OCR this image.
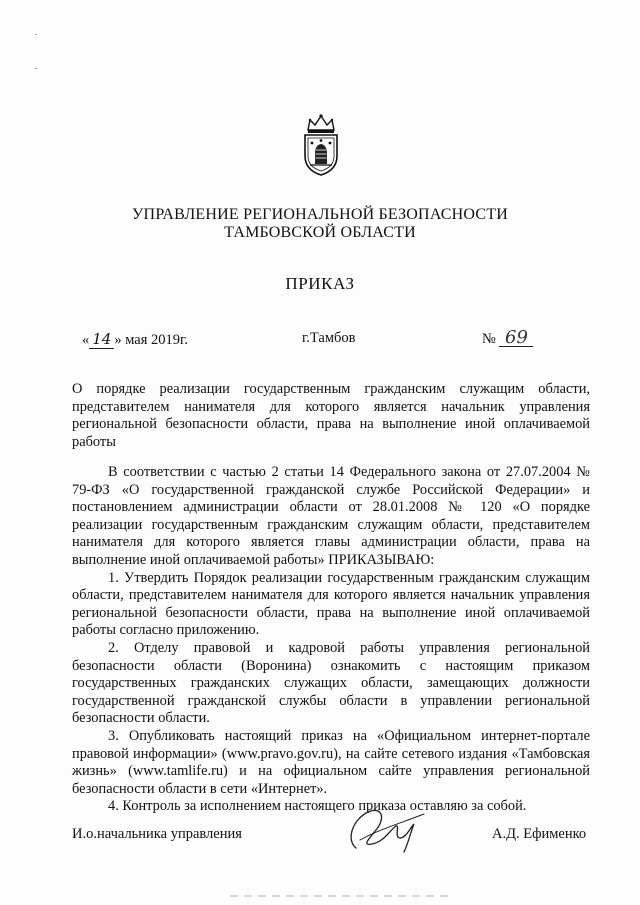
УПРАВЛЕНИЕ РЕГИОНАЛЬНОЙ БЕЗОПАСНОСТИ
ТАМБОВСКОЙ ОБЛАСТИ
ПРИКАЗ
« 14 » мая 2019г.	г.Тамбов	№ 69
О порядке реализации государственным гражданским служащим области, представителем нанимателя для которого является начальник управления региональной безопасности области, права на выполнение иной оплачиваемой работы

В соответствии с частью 2 статьи 14 Федерального закона от 27.07.2004 № 79-ФЗ «О государственной гражданской службе Российской Федерации» и постановлением администрации области от 28.01.2008 № 120 «О порядке реализации государственным гражданским служащим области, представителем нанимателя для которого является главы администрации области, права на выполнение иной оплачиваемой работы» ПРИКАЗЫВАЮ:

1. Утвердить Порядок реализации государственным гражданским служащим области, представителем нанимателя для которого является начальник управления региональной безопасности области, права на выполнение иной оплачиваемой работы согласно приложению.

2. Отделу правовой и кадровой работы управления региональной безопасности области (Воронина) ознакомить с настоящим приказом государственных гражданских служащих области, замещающих должности государственной гражданской службы области в управлении региональной безопасности области.

3. Опубликовать настоящий приказ на «Официальном интернет-портале правовой информации» (www.pravo.gov.ru), на сайте сетевого издания «Тамбовская жизнь» (www.tamlife.ru) и на официальном сайте управления региональной безопасности области в сети «Интернет».

4. Контроль за исполнением настоящего приказа оставляю за собой.

И.о.начальника управления	А.Д. Ефименко
